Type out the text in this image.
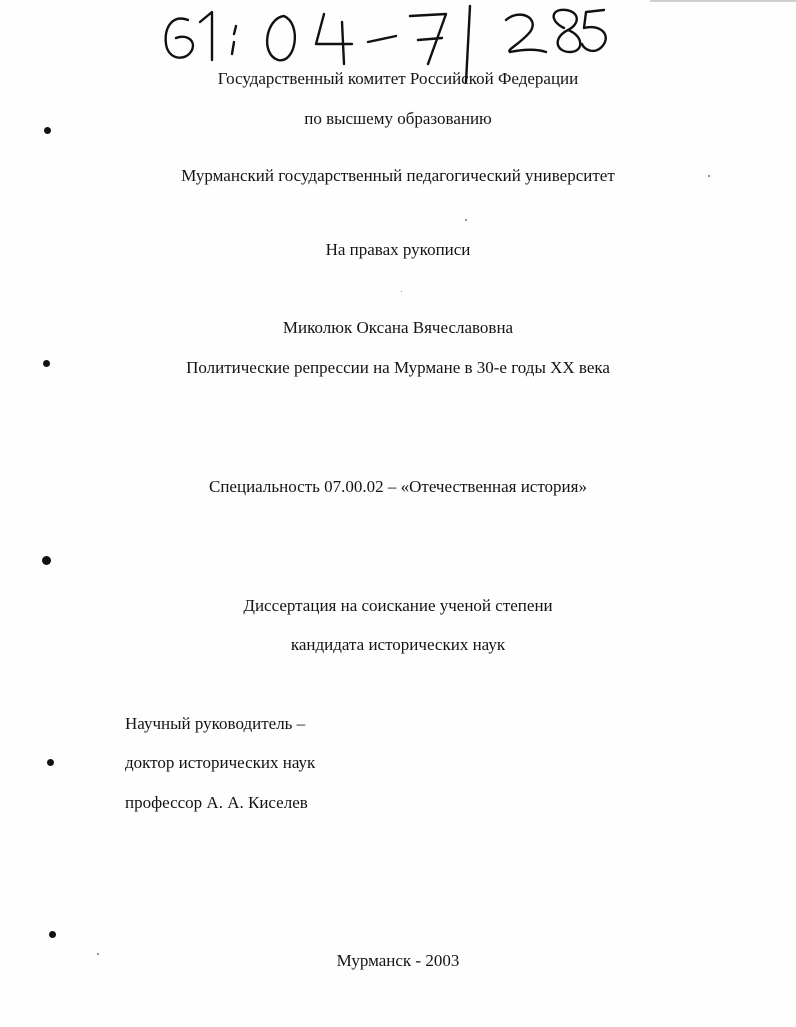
Государственный комитет Российской Федерации
по высшему образованию
Мурманский государственный педагогический университет
На правах рукописи
Миколюк Оксана Вячеславовна
Политические репрессии на Мурмане в 30-е годы XX века
Специальность 07.00.02 – «Отечественная история»
Диссертация на соискание ученой степени
кандидата исторических наук
Научный руководитель –
доктор исторических наук
профессор А. А. Киселев
Мурманск - 2003
